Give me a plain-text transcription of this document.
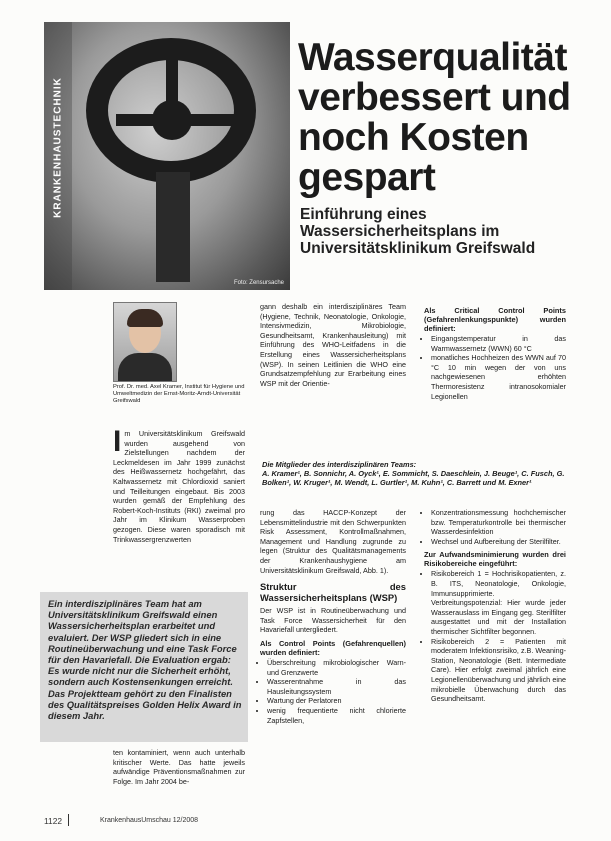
Foto: Zensursache
KRANKENHAUSTECHNIK
Wasserqualität verbessert und noch Kosten gespart
Einführung eines Wassersicherheitsplans im Universitätsklinikum Greifswald
Prof. Dr. med. Axel Kramer, Institut für Hygiene und Umweltmedizin der Ernst-Moritz-Arndt-Universität Greifswald
Im Universitätsklinikum Greifswald wurden ausgehend von Zielstellungen nachdem der Leckmeldesen im Jahr 1999 zunächst des Heißwassernetz hochgefährt, das Kaltwassernetz mit Chlordioxid saniert und Teilleitungen eingebaut. Bis 2003 wurden gemäß der Empfehlung des Robert-Koch-Instituts (RKI) zweimal pro Jahr im Klinikum Wasserproben gezogen. Diese waren sporadisch mit Trinkwassergrenzwerten
Ein interdisziplinäres Team hat am Universitätsklinikum Greifswald einen Wassersicherheitsplan erarbeitet und evaluiert. Der WSP gliedert sich in eine Routineüberwachung und eine Task Force für den Havariefall. Die Evaluation ergab: Es wurde nicht nur die Sicherheit erhöht, sondern auch Kostensenkungen erreicht. Das Projektteam gehört zu den Finalisten des Qualitätspreises Golden Helix Award in diesem Jahr.
ten kontaminiert, wenn auch unterhalb kritischer Werte. Das hatte jeweils aufwändige Präventionsmaßnahmen zur Folge. Im Jahr 2004 be-
gann deshalb ein interdisziplinäres Team (Hygiene, Technik, Neonatologie, Onkologie, Intensivmedizin, Mikrobiologie, Gesundheitsamt, Krankenhausleitung) mit Einführung des WHO-Leitfadens in die Erstellung eines Wassersicherheitsplans (WSP). In seinen Leitlinien die WHO eine Grundsatzempfehlung zur Erarbeitung eines WSP mit der Orientie-
Als Critical Control Points (Gefahrenlenkungspunkte) wurden definiert:
• Eingangstemperatur in das Warmwassernetz (WWN) 60 °C
• monatliches Hochheizen des WWN auf 70 °C 10 min wegen der von uns nachgewiesenen erhöhten Thermoresistenz intranosokomialer Legionellen
Die Mitglieder des interdisziplinären Teams:
A. Kramer¹, B. Sonnichr, A. Oyck¹, E. Sommicht, S. Daeschlein, J. Beuge¹, C. Fusch, G. Bolken¹, W. Kruger¹, M. Wendt, L. Gurtler¹, M. Kuhn¹, C. Barrett und M. Exner¹
rung das HACCP-Konzept der Lebensmittelindustrie mit den Schwerpunkten Risk Assessment, Kontrollmaßnahmen, Management und Handlung zugrunde zu legen (Struktur des Qualitätsmanagements der Krankenhaushygiene am Universitätsklinikum Greifswald, Abb. 1).
Struktur des Wassersicherheitsplans (WSP)
Der WSP ist in Routineüberwachung und Task Force Wassersicherheit für den Havariefall untergliedert.
Als Control Points (Gefahrenquellen) wurden definiert:
• Überschreitung mikrobiologischer Warn- und Grenzwerte
• Wasserentnahme in das Hausleitungssystem
• Wartung der Perlatoren
• wenig frequentierte nicht chlorierte Zapfstellen,
• Konzentrationsmessung hochchemischer bzw. Temperaturkontrolle bei thermischer Wasserdesinfektion
• Wechsel und Aufbereitung der Sterilfilter.
Zur Aufwandsminimierung wurden drei Risikobereiche eingeführt:
• Risikobereich 1 = Hochrisikopatienten, z. B. ITS, Neonatologie, Onkologie, Immunsupprimierte. Verbreitungspotenzial: Hier wurde jeder Wasserauslass im Eingang geg. Sterilfilter ausgestattet und mit der Installation thermischer Sichtfilter begonnen.
• Risikobereich 2 = Patienten mit moderatem Infektionsrisiko, z.B. Weaning-Station, Neonatologie (Bett. Intermediate Care). Hier erfolgt zweimal jährlich eine Legionellenüberwachung und jährlich eine mikrobielle Überwachung durch das Gesundheitsamt.
1122	KrankenhausUmschau 12/2008
